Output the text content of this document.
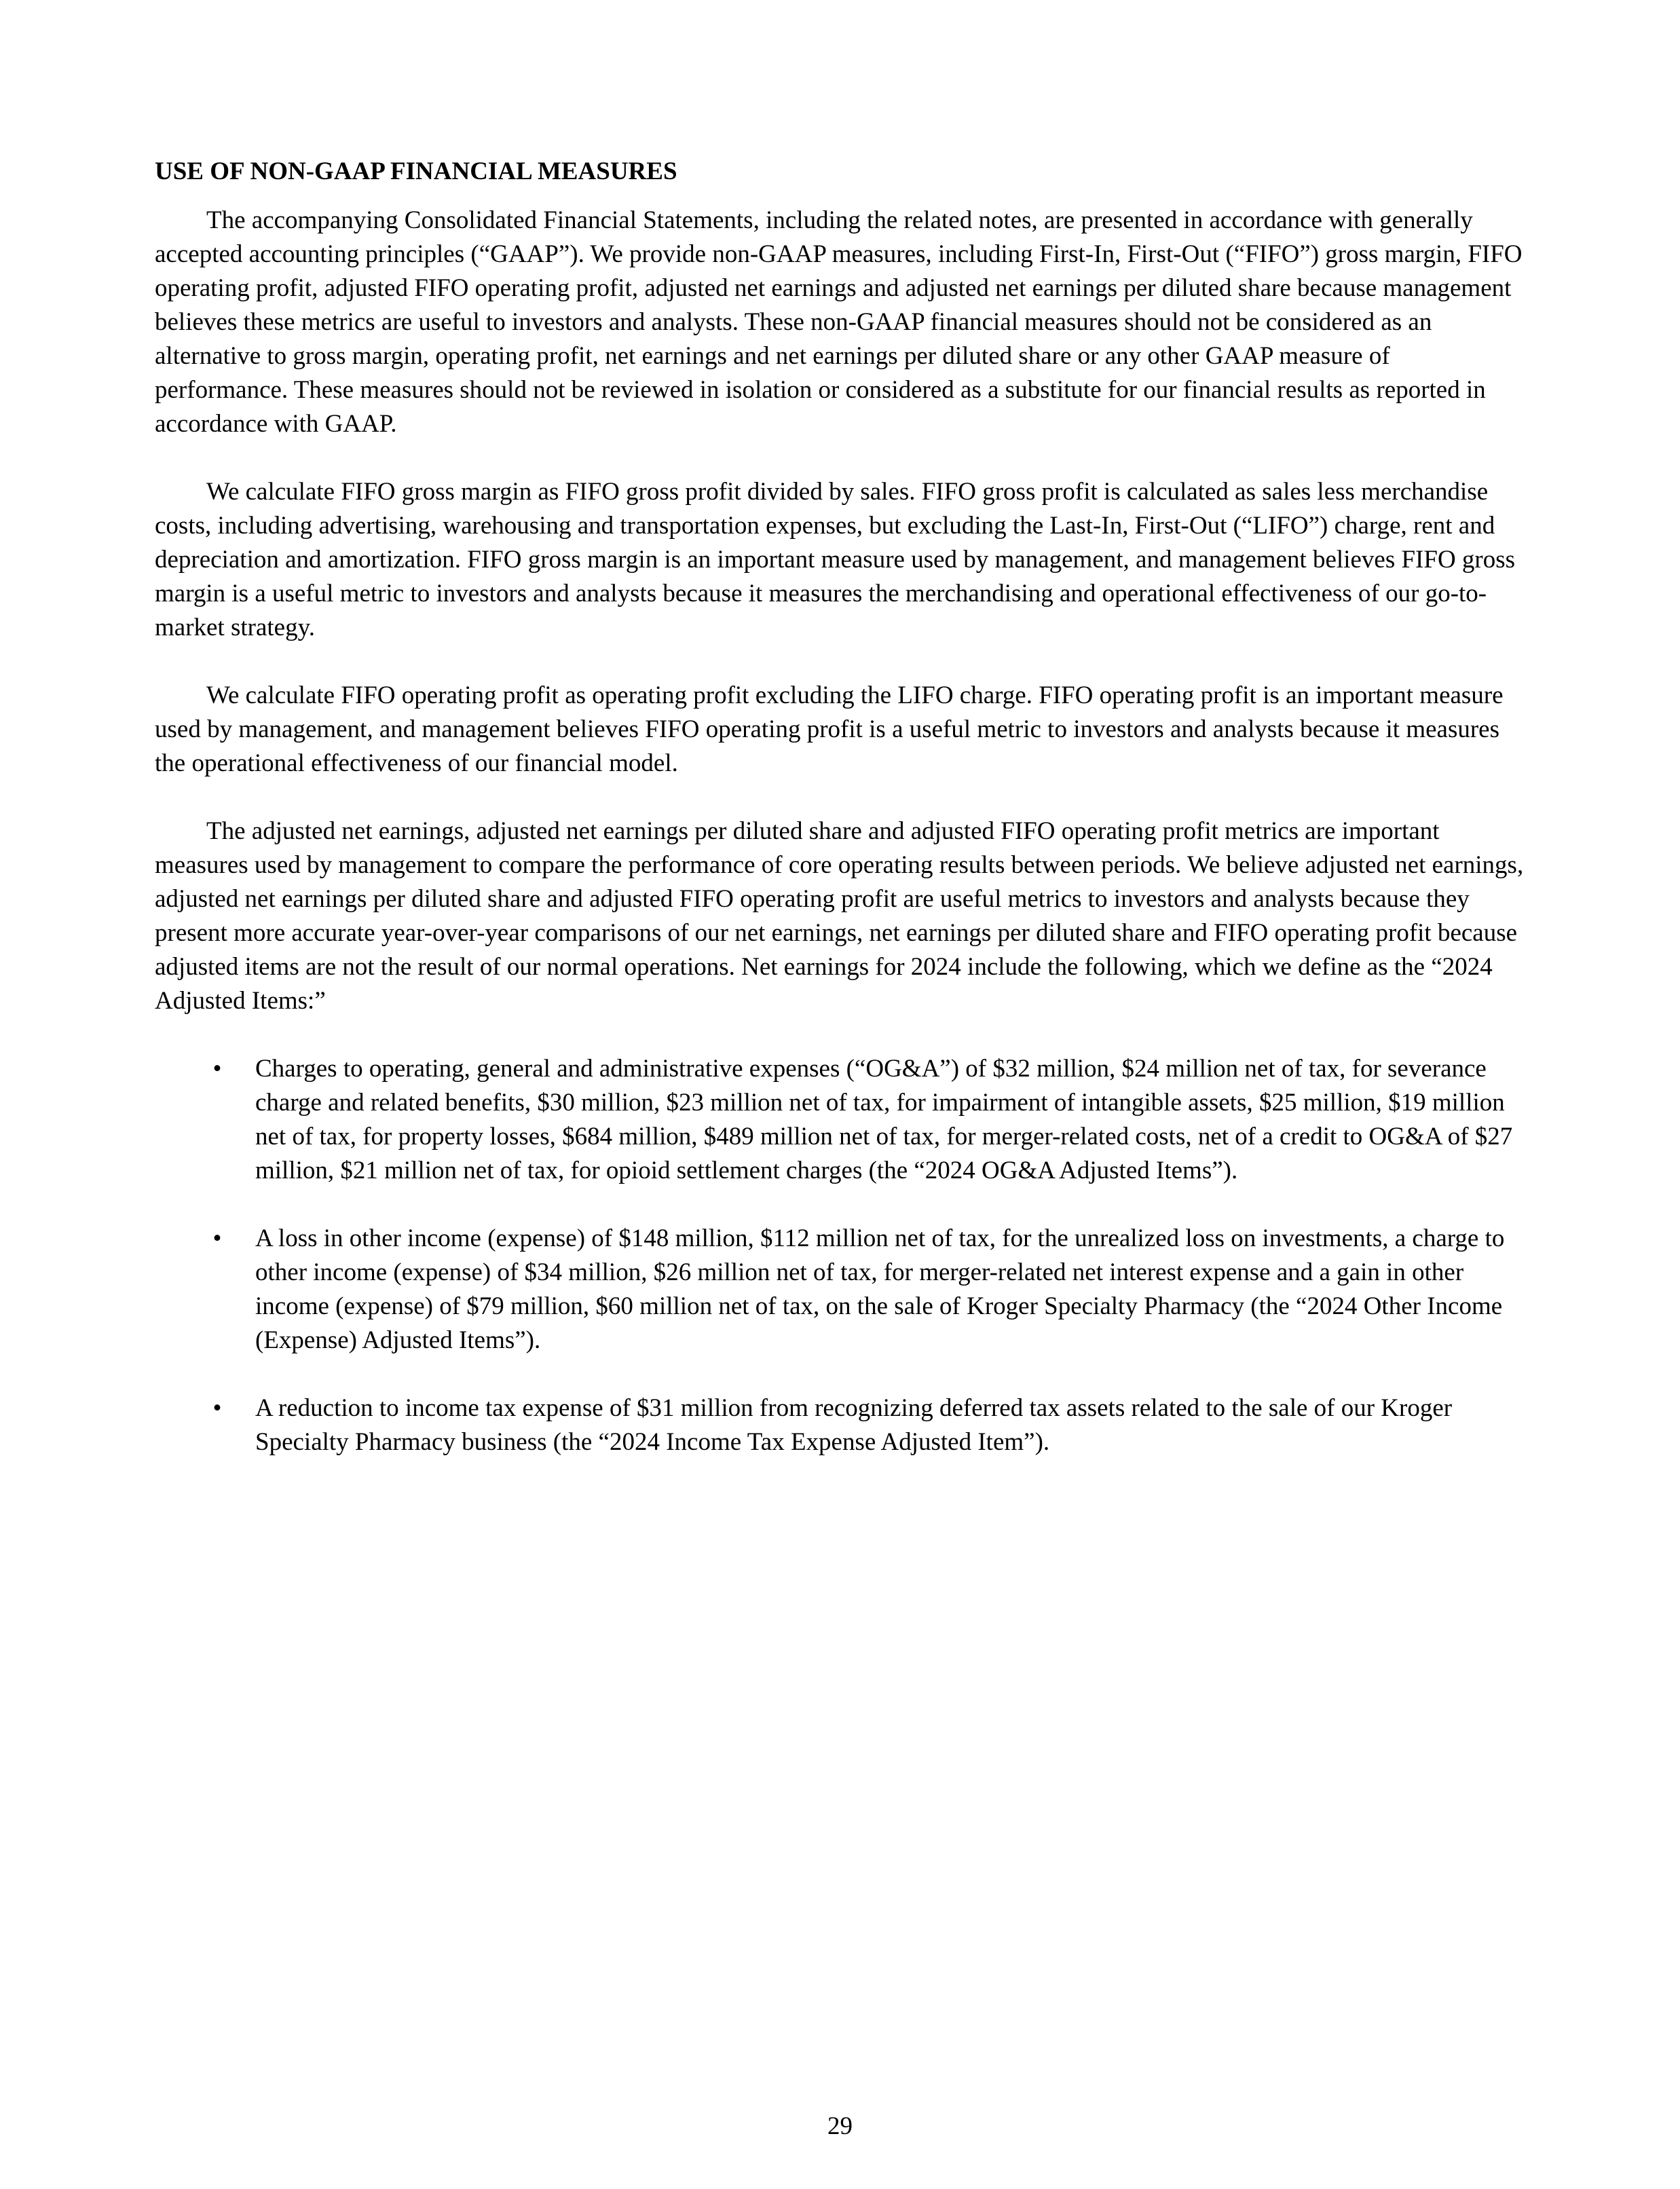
USE OF NON-GAAP FINANCIAL MEASURES

The accompanying Consolidated Financial Statements, including the related notes, are presented in accordance with generally accepted accounting principles (“GAAP”). We provide non-GAAP measures, including First-In, First-Out (“FIFO”) gross margin, FIFO operating profit, adjusted FIFO operating profit, adjusted net earnings and adjusted net earnings per diluted share because management believes these metrics are useful to investors and analysts. These non-GAAP financial measures should not be considered as an alternative to gross margin, operating profit, net earnings and net earnings per diluted share or any other GAAP measure of performance. These measures should not be reviewed in isolation or considered as a substitute for our financial results as reported in accordance with GAAP.

We calculate FIFO gross margin as FIFO gross profit divided by sales. FIFO gross profit is calculated as sales less merchandise costs, including advertising, warehousing and transportation expenses, but excluding the Last-In, First-Out (“LIFO”) charge, rent and depreciation and amortization. FIFO gross margin is an important measure used by management, and management believes FIFO gross margin is a useful metric to investors and analysts because it measures the merchandising and operational effectiveness of our go-to-market strategy.

We calculate FIFO operating profit as operating profit excluding the LIFO charge. FIFO operating profit is an important measure used by management, and management believes FIFO operating profit is a useful metric to investors and analysts because it measures the operational effectiveness of our financial model.

The adjusted net earnings, adjusted net earnings per diluted share and adjusted FIFO operating profit metrics are important measures used by management to compare the performance of core operating results between periods. We believe adjusted net earnings, adjusted net earnings per diluted share and adjusted FIFO operating profit are useful metrics to investors and analysts because they present more accurate year-over-year comparisons of our net earnings, net earnings per diluted share and FIFO operating profit because adjusted items are not the result of our normal operations. Net earnings for 2024 include the following, which we define as the “2024 Adjusted Items:”

•	Charges to operating, general and administrative expenses (“OG&A”) of $32 million, $24 million net of tax, for severance charge and related benefits, $30 million, $23 million net of tax, for impairment of intangible assets, $25 million, $19 million net of tax, for property losses, $684 million, $489 million net of tax, for merger-related costs, net of a credit to OG&A of $27 million, $21 million net of tax, for opioid settlement charges (the “2024 OG&A Adjusted Items”).
•	A loss in other income (expense) of $148 million, $112 million net of tax, for the unrealized loss on investments, a charge to other income (expense) of $34 million, $26 million net of tax, for merger-related net interest expense and a gain in other income (expense) of $79 million, $60 million net of tax, on the sale of Kroger Specialty Pharmacy (the “2024 Other Income (Expense) Adjusted Items”).
•	A reduction to income tax expense of $31 million from recognizing deferred tax assets related to the sale of our Kroger Specialty Pharmacy business (the “2024 Income Tax Expense Adjusted Item”).
29
